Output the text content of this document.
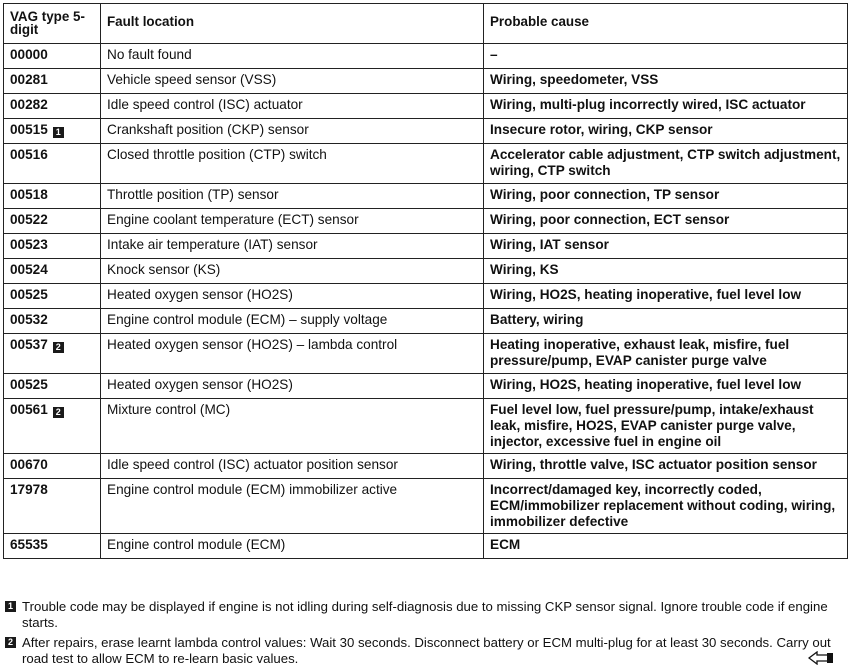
VAG type 5-digit	Fault location	Probable cause
00000	No fault found	–
00281	Vehicle speed sensor (VSS)	Wiring, speedometer, VSS
00282	Idle speed control (ISC) actuator	Wiring, multi-plug incorrectly wired, ISC actuator
00515 1	Crankshaft position (CKP) sensor	Insecure rotor, wiring, CKP sensor
00516	Closed throttle position (CTP) switch	Accelerator cable adjustment, CTP switch adjustment, wiring, CTP switch
00518	Throttle position (TP) sensor	Wiring, poor connection, TP sensor
00522	Engine coolant temperature (ECT) sensor	Wiring, poor connection, ECT sensor
00523	Intake air temperature (IAT) sensor	Wiring, IAT sensor
00524	Knock sensor (KS)	Wiring, KS
00525	Heated oxygen sensor (HO2S)	Wiring, HO2S, heating inoperative, fuel level low
00532	Engine control module (ECM) – supply voltage	Battery, wiring
00537 2	Heated oxygen sensor (HO2S) – lambda control	Heating inoperative, exhaust leak, misfire, fuel pressure/pump, EVAP canister purge valve
00525	Heated oxygen sensor (HO2S)	Wiring, HO2S, heating inoperative, fuel level low
00561 2	Mixture control (MC)	Fuel level low, fuel pressure/pump, intake/exhaust leak, misfire, HO2S, EVAP canister purge valve, injector, excessive fuel in engine oil
00670	Idle speed control (ISC) actuator position sensor	Wiring, throttle valve, ISC actuator position sensor
17978	Engine control module (ECM) immobilizer active	Incorrect/damaged key, incorrectly coded, ECM/immobilizer replacement without coding, wiring, immobilizer defective
65535	Engine control module (ECM)	ECM
1 Trouble code may be displayed if engine is not idling during self-diagnosis due to missing CKP sensor signal. Ignore trouble code if engine starts.
2 After repairs, erase learnt lambda control values: Wait 30 seconds. Disconnect battery or ECM multi-plug for at least 30 seconds. Carry out road test to allow ECM to re-learn basic values.
